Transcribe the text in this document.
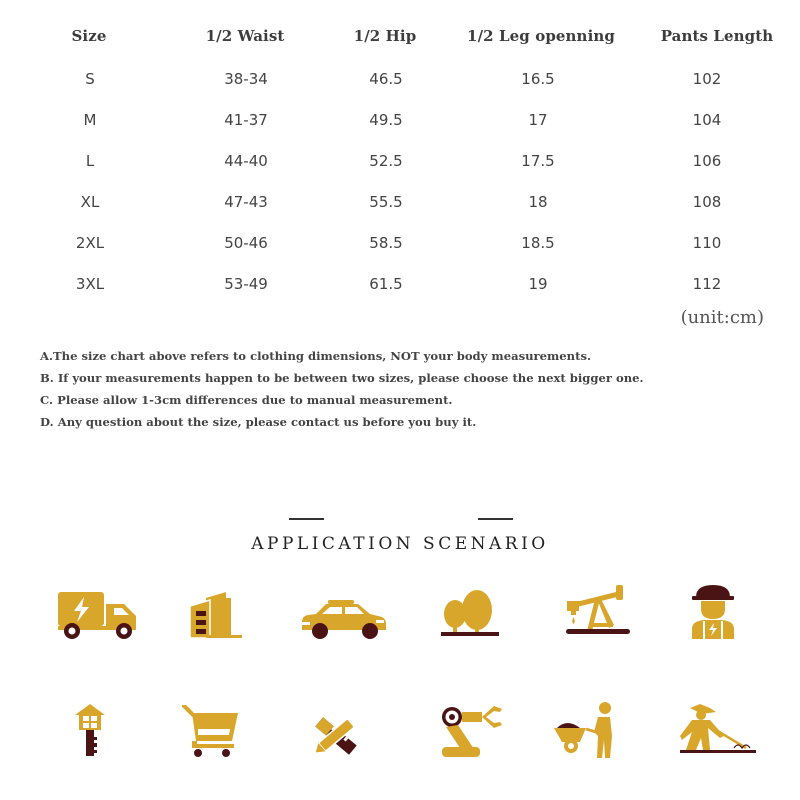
Size	1/2 Waist	1/2 Hip	1/2 Leg openning	Pants Length
S	38-34	46.5	16.5	102
M	41-37	49.5	17	104
L	44-40	52.5	17.5	106
XL	47-43	55.5	18	108
2XL	50-46	58.5	18.5	110
3XL	53-49	61.5	19	112
(unit:cm)
A.The size chart above refers to clothing dimensions, NOT your body measurements.
B. If your measurements happen to be between two sizes, please choose the next bigger one.
C. Please allow 1-3cm differences due to manual measurement.
D. Any question about the size, please contact us before you buy it.
APPLICATION SCENARIO
